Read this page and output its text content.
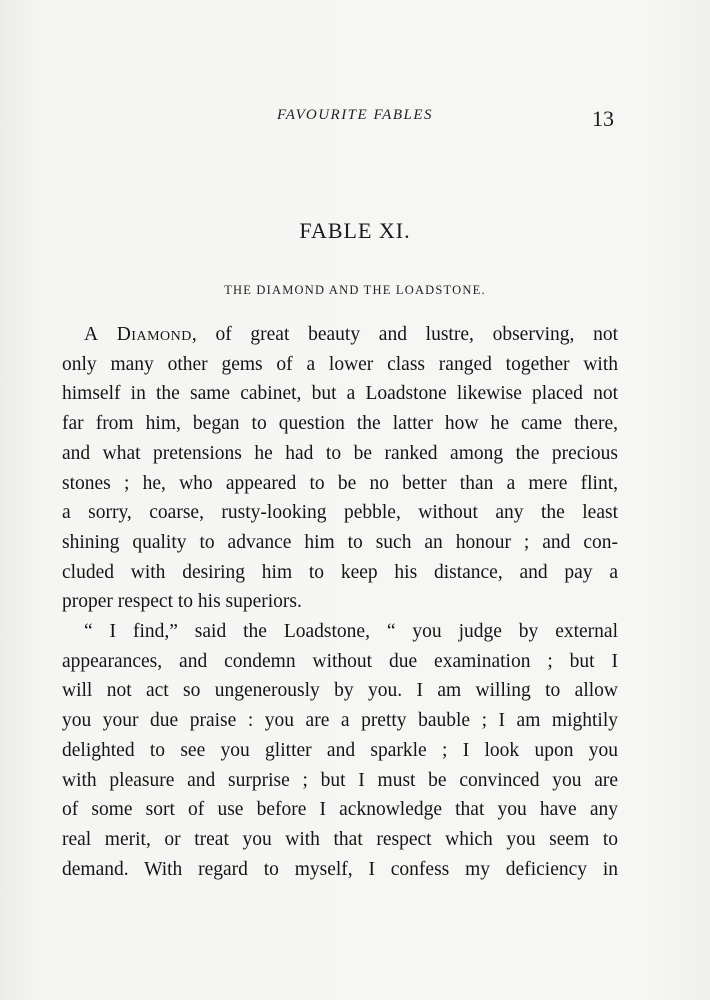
FAVOURITE FABLES	13
FABLE XI.
THE DIAMOND AND THE LOADSTONE.
A Diamond, of great beauty and lustre, observing, not
only many other gems of a lower class ranged together with
himself in the same cabinet, but a Loadstone likewise placed not
far from him, began to question the latter how he came there,
and what pretensions he had to be ranked among the precious
stones ; he, who appeared to be no better than a mere flint,
a sorry, coarse, rusty-looking pebble, without any the least
shining quality to advance him to such an honour ; and con-
cluded with desiring him to keep his distance, and pay a
proper respect to his superiors.
“ I find,” said the Loadstone, “ you judge by external
appearances, and condemn without due examination ; but I
will not act so ungenerously by you. I am willing to allow
you your due praise : you are a pretty bauble ; I am mightily
delighted to see you glitter and sparkle ; I look upon you
with pleasure and surprise ; but I must be convinced you are
of some sort of use before I acknowledge that you have any
real merit, or treat you with that respect which you seem to
demand. With regard to myself, I confess my deficiency in
